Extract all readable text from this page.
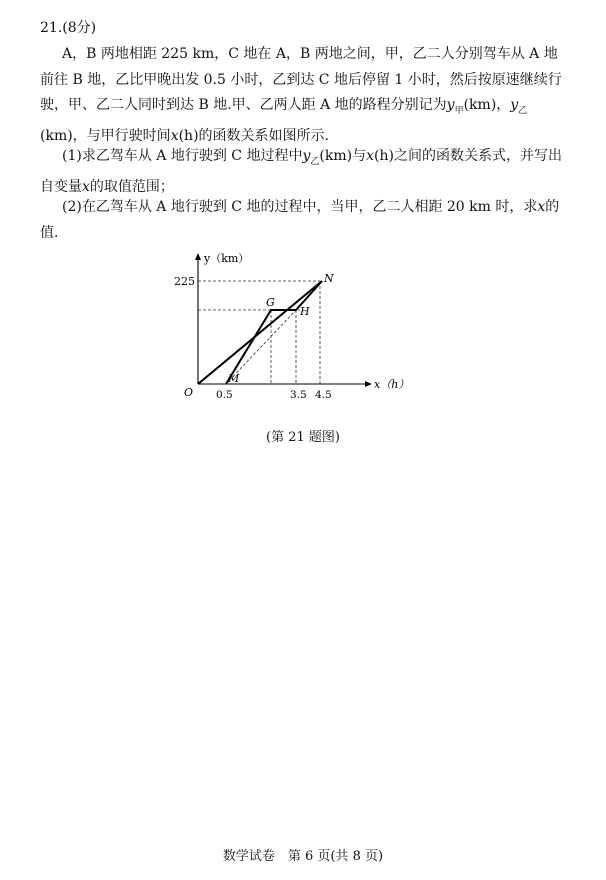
21.(8分)
A，B 两地相距 225 km，C 地在 A，B 两地之间，甲，乙二人分别驾车从 A 地前往 B 地，乙比甲晚出发 0.5 小时，乙到达 C 地后停留 1 小时，然后按原速继续行驶，甲、乙二人同时到达 B 地.甲、乙两人距 A 地的路程分别记为$y_甲(km)$，$y_乙(km)$，与甲行驶时间x(h)的函数关系如图所示.
(1)求乙驾车从 A 地行驶到 C 地过程中$y_乙(km)$与x(h)之间的函数关系式，并写出自变量x的取值范围；
(2)在乙驾车从 A 地行驶到 C 地的过程中，当甲，乙二人相距 20 km 时，求x的值.
y（km）
x（h）
O
225
0.5	3.5 4.5
G
H
M
N
(第 21 题图)
数学试卷　第 6 页(共 8 页)
